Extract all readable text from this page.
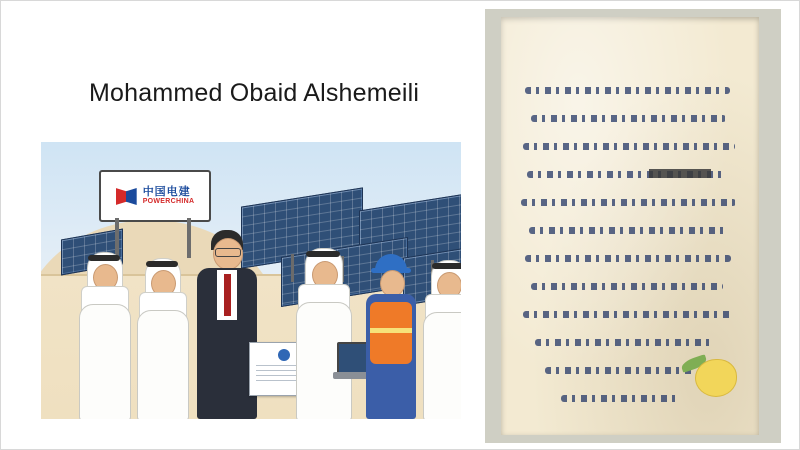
Mohammed Obaid Alshemeili
中国电建
POWERCHINA
